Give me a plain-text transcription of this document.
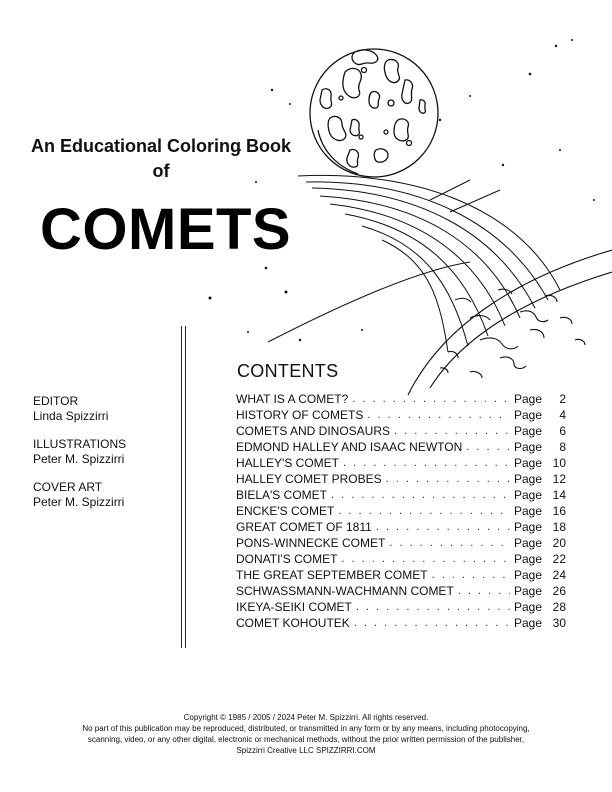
An Educational Coloring Book
of
COMETS
EDITOR
Linda Spizzirri
ILLUSTRATIONS
Peter M. Spizzirri
COVER ART
Peter M. Spizzirri
CONTENTS
WHAT IS A COMET? . . .	Page	2
HISTORY OF COMETS . . .	Page	4
COMETS AND DINOSAURS . . .	Page	6
EDMOND HALLEY AND ISAAC NEWTON . . .	Page	8
HALLEY'S COMET . . .	Page 10
HALLEY COMET PROBES . . .	Page 12
BIELA'S COMET . . .	Page 14
ENCKE'S COMET . . .	Page 16
GREAT COMET OF 1811 . . .	Page 18
PONS-WINNECKE COMET . . .	Page 20
DONATI'S COMET . . .	Page 22
THE GREAT SEPTEMBER COMET . . .	Page 24
SCHWASSMANN-WACHMANN COMET . . .	Page 26
IKEYA-SEIKI COMET . . .	Page 28
COMET KOHOUTEK . . .	Page 30
Copyright © 1985 / 2005 / 2024 Peter M. Spizzirri. All rights reserved.
No part of this publication may be reproduced, distributed, or transmitted in any form or by any means, including photocopying,
scanning, video, or any other digital, electronic or mechanical methods, without the prior written permission of the publisher,
Spizzirri Creative LLC SPIZZIRRI.COM
